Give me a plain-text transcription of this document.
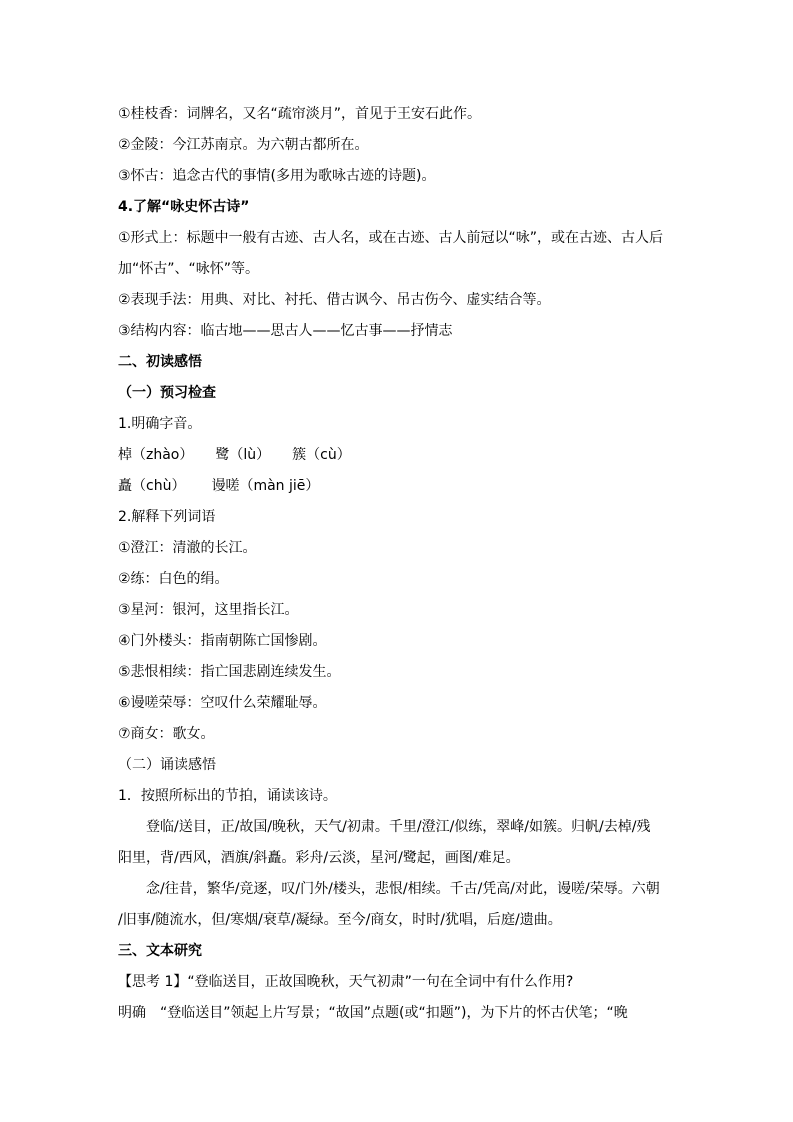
①桂枝香：词牌名，又名“疏帘淡月”，首见于王安石此作。
②金陵：今江苏南京。为六朝古都所在。
③怀古：追念古代的事情(多用为歌咏古迹的诗题)。
4.了解“咏史怀古诗”
①形式上：标题中一般有古迹、古人名，或在古迹、古人前冠以“咏”，或在古迹、古人后
加“怀古”、“咏怀”等。
②表现手法：用典、对比、衬托、借古讽今、吊古伤今、虚实结合等。
③结构内容：临古地——思古人——忆古事——抒情志
二、初读感悟
（一）预习检查
1.明确字音。
棹（zhào） 鹭（lù） 簇（cù）
矗（chù） 谩嗟（màn jiē）
2.解释下列词语
①澄江：清澈的长江。
②练：白色的绢。
③星河：银河，这里指长江。
④门外楼头：指南朝陈亡国惨剧。
⑤悲恨相续：指亡国悲剧连续发生。
⑥谩嗟荣辱：空叹什么荣耀耻辱。
⑦商女：歌女。
（二）诵读感悟
1．按照所标出的节拍，诵读该诗。
登临/送目，正/故国/晚秋，天气/初肃。千里/澄江/似练，翠峰/如簇。归帆/去棹/残
阳里，背/西风，酒旗/斜矗。彩舟/云淡，星河/鹭起，画图/难足。
念/往昔，繁华/竞逐，叹/门外/楼头，悲恨/相续。千古/凭高/对此，谩嗟/荣辱。六朝
/旧事/随流水，但/寒烟/衰草/凝绿。至今/商女，时时/犹唱，后庭/遗曲。
三、文本研究
【思考 1】“登临送目，正故国晚秋，天气初肃”一句在全词中有什么作用?
明确　“登临送目”领起上片写景；“故国”点题(或“扣题”)，为下片的怀古伏笔；“晚
